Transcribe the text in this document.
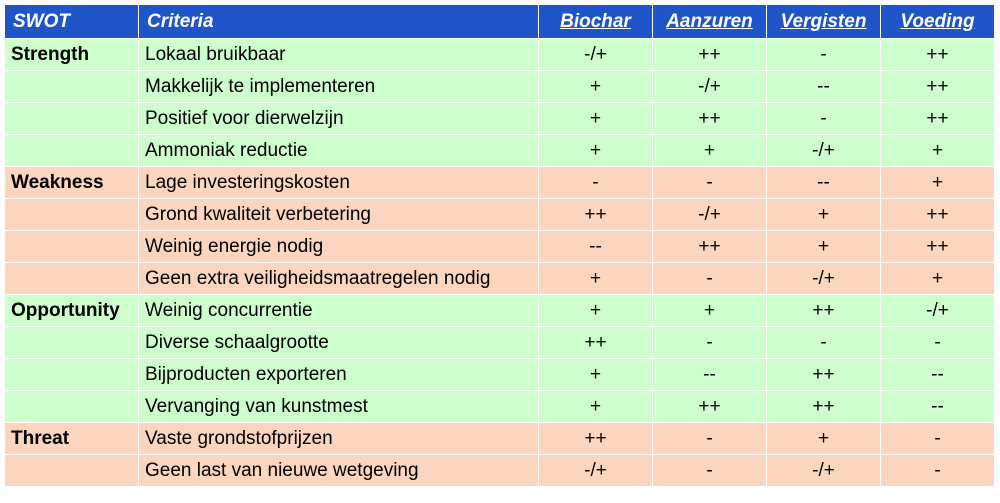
SWOT	Criteria	Biochar	Aanzuren	Vergisten	Voeding
Strength	Lokaal bruikbaar	-/+	++	-	++
	Makkelijk te implementeren	+	-/+	--	++
	Positief voor dierwelzijn	+	++	-	++
	Ammoniak reductie	+	+	-/+	+
Weakness	Lage investeringskosten	-	-	--	+
	Grond kwaliteit verbetering	++	-/+	+	++
	Weinig energie nodig	--	++	+	++
	Geen extra veiligheidsmaatregelen nodig	+	-	-/+	+
Opportunity	Weinig concurrentie	+	+	++	-/+
	Diverse schaalgrootte	++	-	-	-
	Bijproducten exporteren	+	--	++	--
	Vervanging van kunstmest	+	++	++	--
Threat	Vaste grondstofprijzen	++	-	+	-
	Geen last van nieuwe wetgeving	-/+	-	-/+	-
